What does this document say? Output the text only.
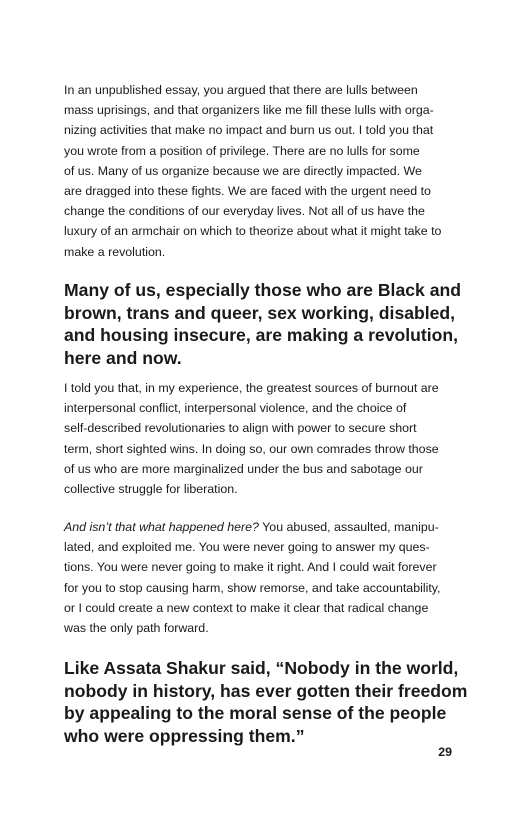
In an unpublished essay, you argued that there are lulls between
mass uprisings, and that organizers like me fill these lulls with orga-
nizing activities that make no impact and burn us out. I told you that
you wrote from a position of privilege. There are no lulls for some
of us. Many of us organize because we are directly impacted. We
are dragged into these fights. We are faced with the urgent need to
change the conditions of our everyday lives. Not all of us have the
luxury of an armchair on which to theorize about what it might take to
make a revolution.

Many of us, especially those who are Black and
brown, trans and queer, sex working, disabled,
and housing insecure, are making a revolution,
here and now.

I told you that, in my experience, the greatest sources of burnout are
interpersonal conflict, interpersonal violence, and the choice of
self-described revolutionaries to align with power to secure short
term, short sighted wins. In doing so, our own comrades throw those
of us who are more marginalized under the bus and sabotage our
collective struggle for liberation.

And isn’t that what happened here? You abused, assaulted, manipu-
lated, and exploited me. You were never going to answer my ques-
tions. You were never going to make it right. And I could wait forever
for you to stop causing harm, show remorse, and take accountability,
or I could create a new context to make it clear that radical change
was the only path forward.

Like Assata Shakur said, “Nobody in the world,
nobody in history, has ever gotten their freedom
by appealing to the moral sense of the people
who were oppressing them.”

29
